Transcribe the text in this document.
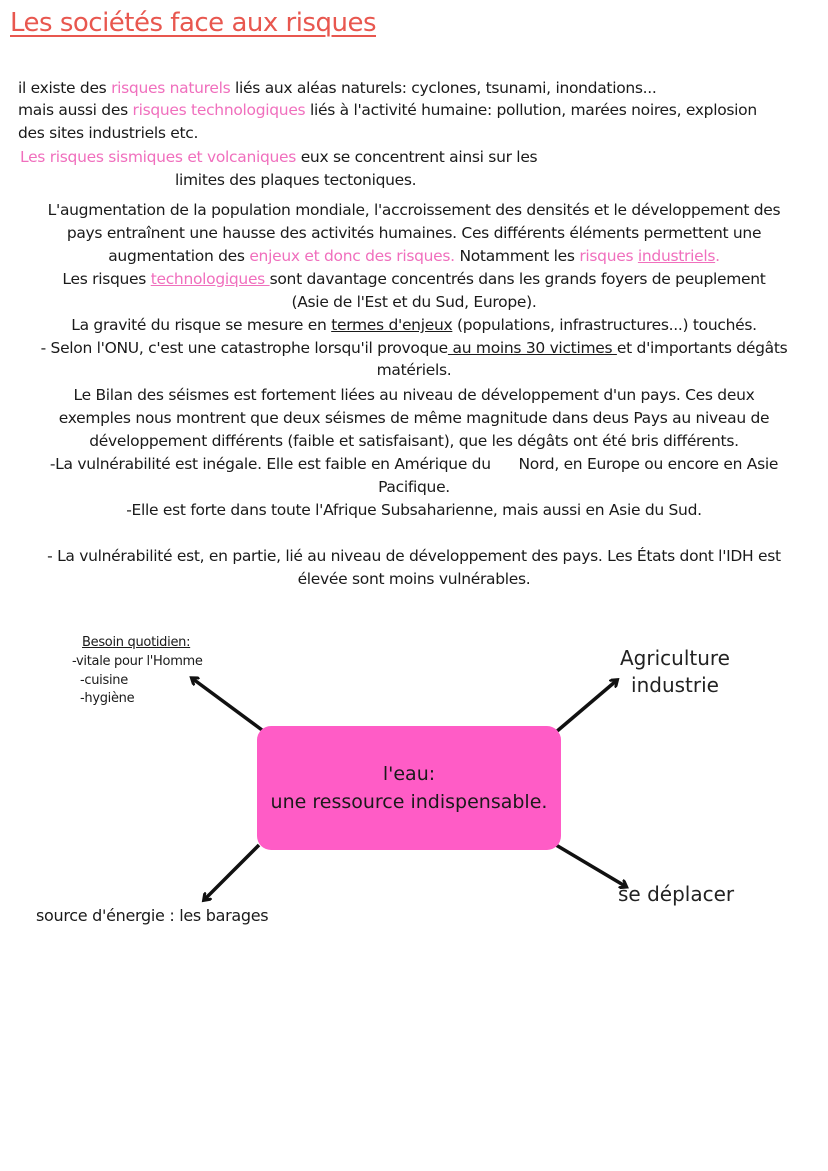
Les sociétés face aux risques
il existe des risques naturels liés aux aléas naturels: cyclones, tsunami, inondations...
mais aussi des risques technologiques liés à l'activité humaine: pollution, marées noires, explosion
des sites industriels etc.
Les risques sismiques et volcaniques eux se concentrent ainsi sur les
limites des plaques tectoniques.
L'augmentation de la population mondiale, l'accroissement des densités et le développement des
pays entraînent une hausse des activités humaines. Ces différents éléments permettent une
augmentation des enjeux et donc des risques. Notamment les risques industriels.
Les risques technologiques sont davantage concentrés dans les grands foyers de peuplement
(Asie de l'Est et du Sud, Europe).
La gravité du risque se mesure en termes d'enjeux (populations, infrastructures...) touchés.
- Selon l'ONU, c'est une catastrophe lorsqu'il provoque au moins 30 victimes et d'importants dégâts
matériels.
Le Bilan des séismes est fortement liées au niveau de développement d'un pays. Ces deux
exemples nous montrent que deux séismes de même magnitude dans deus Pays au niveau de
développement différents (faible et satisfaisant), que les dégâts ont été bris différents.
-La vulnérabilité est inégale. Elle est faible en Amérique du      Nord, en Europe ou encore en Asie
Pacifique.
-Elle est forte dans toute l'Afrique Subsaharienne, mais aussi en Asie du Sud.
- La vulnérabilité est, en partie, lié au niveau de développement des pays. Les États dont l'IDH est
élevée sont moins vulnérables.
l'eau:
une ressource indispensable.
Besoin quotidien:
-vitale pour l'Homme
-cuisine
-hygiène
Agriculture
industrie
source d'énergie : les barages
se déplacer
